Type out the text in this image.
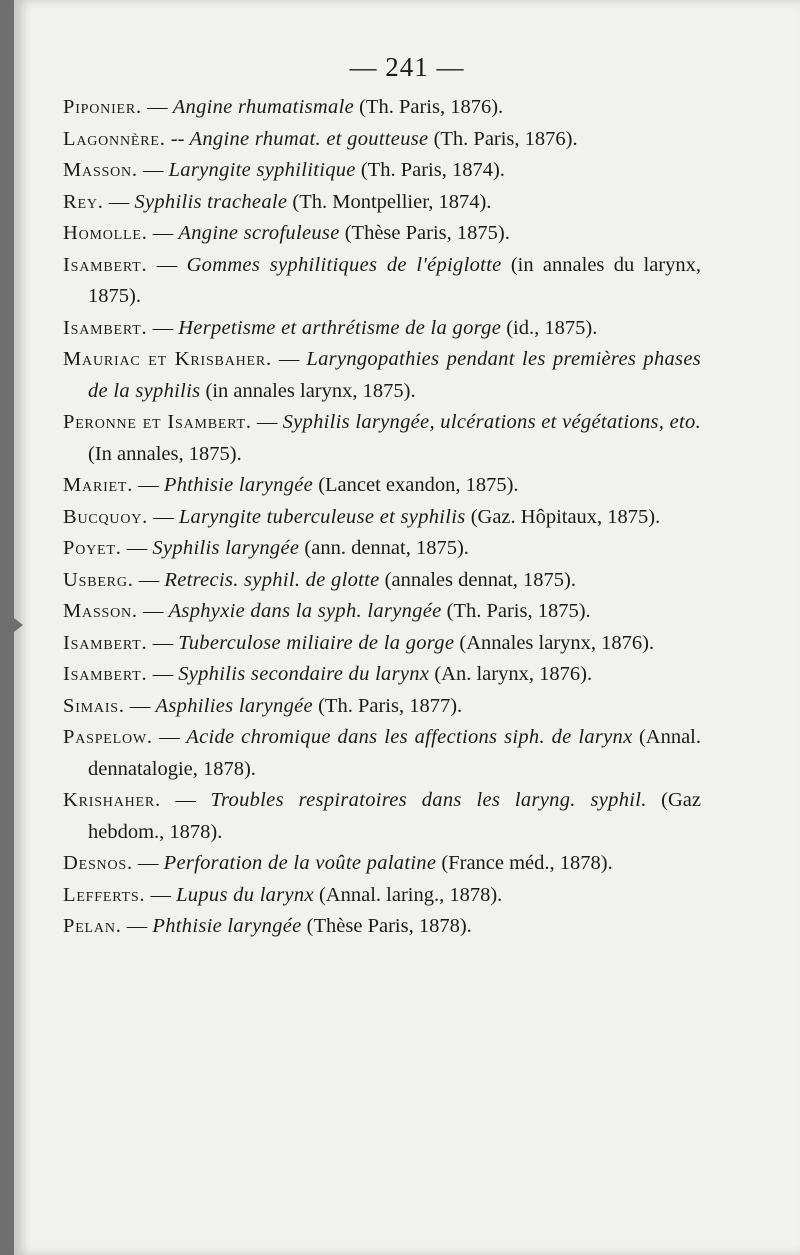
— 241 —
Piponier. — Angine rhumatismale (Th. Paris, 1876).
Lagonnère. -- Angine rhumat. et goutteuse (Th. Paris, 1876).
Masson. — Laryngite syphilitique (Th. Paris, 1874).
Rey. — Syphilis tracheale (Th. Montpellier, 1874).
Homolle. — Angine scrofuleuse (Thèse Paris, 1875).
Isambert. — Gommes syphilitiques de l'épiglotte (in annales du larynx, 1875).
Isambert. — Herpetisme et arthrétisme de la gorge (id., 1875).
Mauriac et Krisbaher. — Laryngopathies pendant les premières phases de la syphilis (in annales larynx, 1875).
Peronne et Isambert. — Syphilis laryngée, ulcérations et végétations, eto. (In annales, 1875).
Mariet. — Phthisie laryngée (Lancet exandon, 1875).
Bucquoy. — Laryngite tuberculeuse et syphilis (Gaz. Hôpitaux, 1875).
Poyet. — Syphilis laryngée (ann. dennat, 1875).
Usberg. — Retrecis. syphil. de glotte (annales dennat, 1875).
Masson. — Asphyxie dans la syph. laryngée (Th. Paris, 1875).
Isambert. — Tuberculose miliaire de la gorge (Annales larynx, 1876).
Isambert. — Syphilis secondaire du larynx (An. larynx, 1876).
Simais. — Asphilies laryngée (Th. Paris, 1877).
Paspelow. — Acide chromique dans les affections siph. de larynx (Annal. dennatalogie, 1878).
Krishaher. — Troubles respiratoires dans les laryng. syphil. (Gaz hebdom., 1878).
Desnos. — Perforation de la voûte palatine (France méd., 1878).
Lefferts. — Lupus du larynx (Annal. laring., 1878).
Pelan. — Phthisie laryngée (Thèse Paris, 1878).
